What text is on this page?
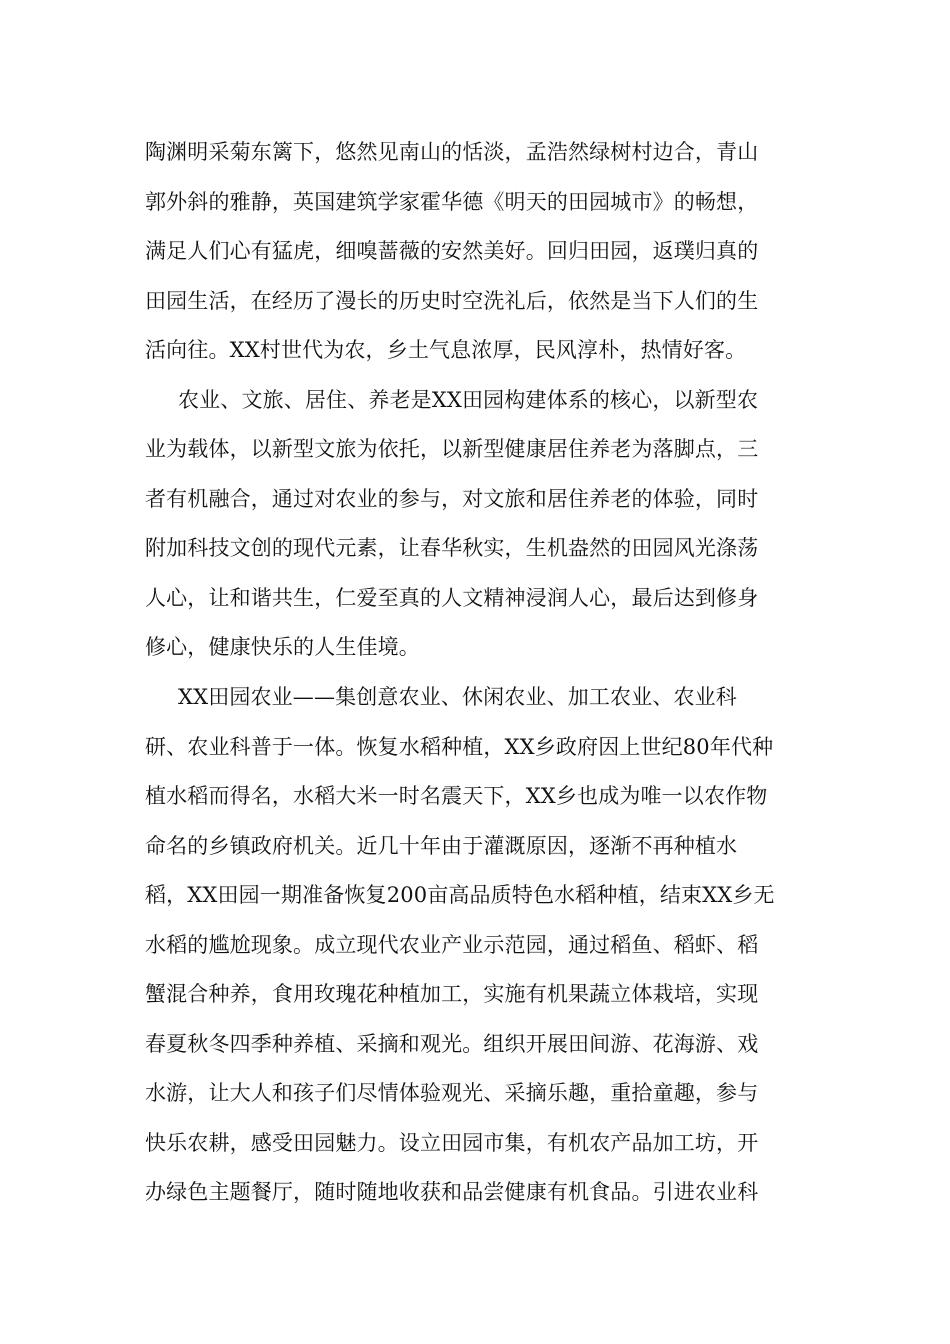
陶渊明采菊东篱下，悠然见南山的恬淡，孟浩然绿树村边合，青山
郭外斜的雅静，英国建筑学家霍华德《明天的田园城市》的畅想，
满足人们心有猛虎，细嗅蔷薇的安然美好。回归田园，返璞归真的
田园生活，在经历了漫长的历史时空洗礼后，依然是当下人们的生
活向往。XX村世代为农，乡土气息浓厚，民风淳朴，热情好客。
农业、文旅、居住、养老是XX田园构建体系的核心，以新型农
业为载体，以新型文旅为依托，以新型健康居住养老为落脚点，三
者有机融合，通过对农业的参与，对文旅和居住养老的体验，同时
附加科技文创的现代元素，让春华秋实，生机盎然的田园风光涤荡
人心，让和谐共生，仁爱至真的人文精神浸润人心，最后达到修身
修心，健康快乐的人生佳境。
XX田园农业——集创意农业、休闲农业、加工农业、农业科
研、农业科普于一体。恢复水稻种植，XX乡政府因上世纪80年代种
植水稻而得名，水稻大米一时名震天下，XX乡也成为唯一以农作物
命名的乡镇政府机关。近几十年由于灌溉原因，逐渐不再种植水
稻，XX田园一期准备恢复200亩高品质特色水稻种植，结束XX乡无
水稻的尴尬现象。成立现代农业产业示范园，通过稻鱼、稻虾、稻
蟹混合种养，食用玫瑰花种植加工，实施有机果蔬立体栽培，实现
春夏秋冬四季种养植、采摘和观光。组织开展田间游、花海游、戏
水游，让大人和孩子们尽情体验观光、采摘乐趣，重拾童趣，参与
快乐农耕，感受田园魅力。设立田园市集，有机农产品加工坊，开
办绿色主题餐厅，随时随地收获和品尝健康有机食品。引进农业科
